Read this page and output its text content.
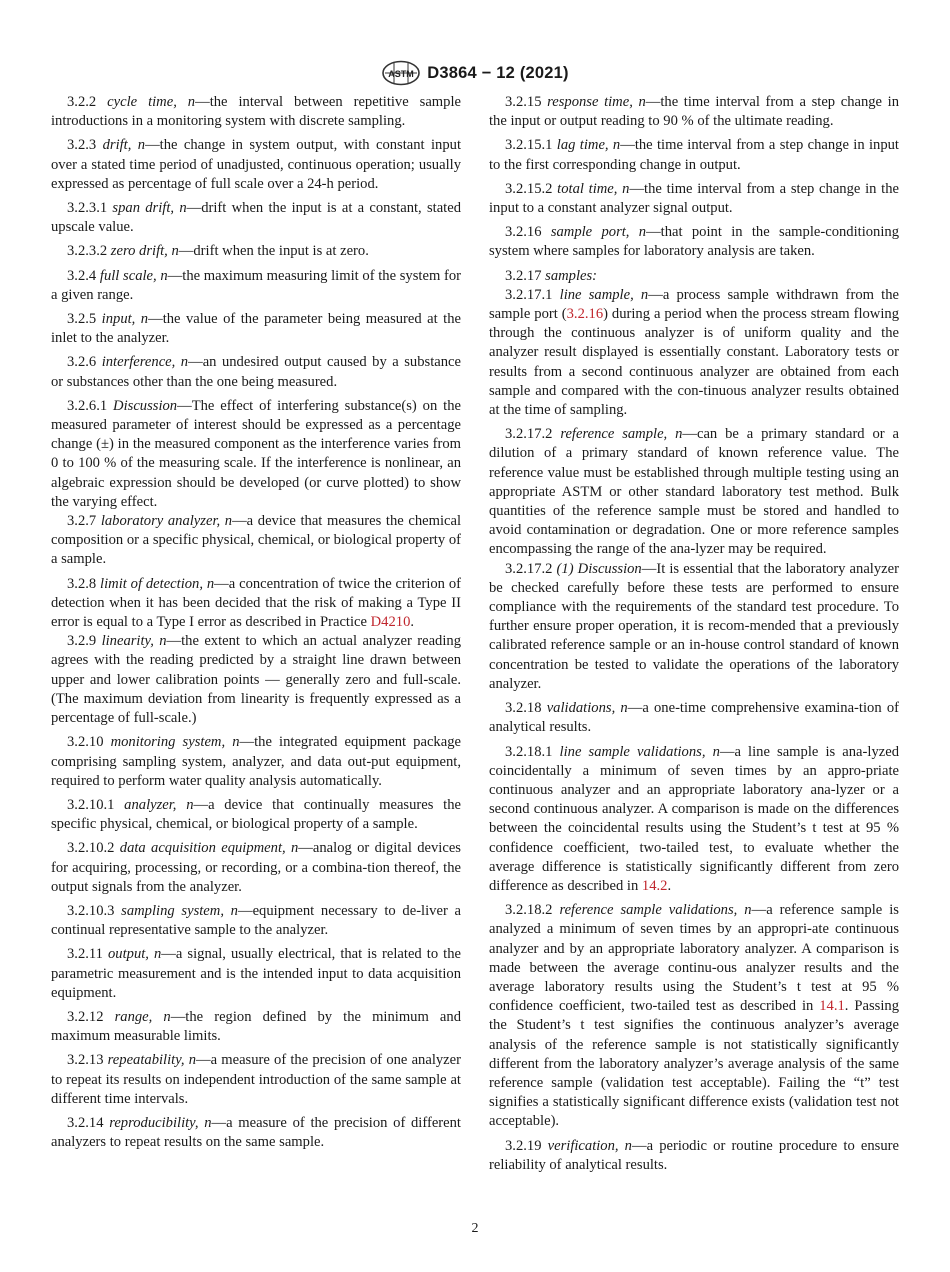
ASTM D3864 − 12 (2021)

3.2.2 cycle time, n—the interval between repetitive sample introductions in a monitoring system with discrete sampling.

3.2.3 drift, n—the change in system output, with constant input over a stated time period of unadjusted, continuous operation; usually expressed as percentage of full scale over a 24-h period.

3.2.3.1 span drift, n—drift when the input is at a constant, stated upscale value.

3.2.3.2 zero drift, n—drift when the input is at zero.

3.2.4 full scale, n—the maximum measuring limit of the system for a given range.

3.2.5 input, n—the value of the parameter being measured at the inlet to the analyzer.

3.2.6 interference, n—an undesired output caused by a substance or substances other than the one being measured.

3.2.6.1 Discussion—The effect of interfering substance(s) on the measured parameter of interest should be expressed as a percentage change (±) in the measured component as the interference varies from 0 to 100 % of the measuring scale. If the interference is nonlinear, an algebraic expression should be developed (or curve plotted) to show the varying effect.

3.2.7 laboratory analyzer, n—a device that measures the chemical composition or a specific physical, chemical, or biological property of a sample.

3.2.8 limit of detection, n—a concentration of twice the criterion of detection when it has been decided that the risk of making a Type II error is equal to a Type I error as described in Practice D4210.

3.2.9 linearity, n—the extent to which an actual analyzer reading agrees with the reading predicted by a straight line drawn between upper and lower calibration points — generally zero and full-scale. (The maximum deviation from linearity is frequently expressed as a percentage of full-scale.)

3.2.10 monitoring system, n—the integrated equipment package comprising sampling system, analyzer, and data out-put equipment, required to perform water quality analysis automatically.

3.2.10.1 analyzer, n—a device that continually measures the specific physical, chemical, or biological property of a sample.

3.2.10.2 data acquisition equipment, n—analog or digital devices for acquiring, processing, or recording, or a combina-tion thereof, the output signals from the analyzer.

3.2.10.3 sampling system, n—equipment necessary to de-liver a continual representative sample to the analyzer.

3.2.11 output, n—a signal, usually electrical, that is related to the parametric measurement and is the intended input to data acquisition equipment.

3.2.12 range, n—the region defined by the minimum and maximum measurable limits.

3.2.13 repeatability, n—a measure of the precision of one analyzer to repeat its results on independent introduction of the same sample at different time intervals.

3.2.14 reproducibility, n—a measure of the precision of different analyzers to repeat results on the same sample.

3.2.15 response time, n—the time interval from a step change in the input or output reading to 90 % of the ultimate reading.

3.2.15.1 lag time, n—the time interval from a step change in input to the first corresponding change in output.

3.2.15.2 total time, n—the time interval from a step change in the input to a constant analyzer signal output.

3.2.16 sample port, n—that point in the sample-conditioning system where samples for laboratory analysis are taken.

3.2.17 samples:

3.2.17.1 line sample, n—a process sample withdrawn from the sample port (3.2.16) during a period when the process stream flowing through the continuous analyzer is of uniform quality and the analyzer result displayed is essentially constant. Laboratory tests or results from a second continuous analyzer are obtained from each sample and compared with the con-tinuous analyzer results obtained at the time of sampling.

3.2.17.2 reference sample, n—can be a primary standard or a dilution of a primary standard of known reference value. The reference value must be established through multiple testing using an appropriate ASTM or other standard laboratory test method. Bulk quantities of the reference sample must be stored and handled to avoid contamination or degradation. One or more reference samples encompassing the range of the ana-lyzer may be required.

3.2.17.2 (1) Discussion—It is essential that the laboratory analyzer be checked carefully before these tests are performed to ensure compliance with the requirements of the standard test procedure. To further ensure proper operation, it is recom-mended that a previously calibrated reference sample or an in-house control standard of known concentration be tested to validate the operations of the laboratory analyzer.

3.2.18 validations, n—a one-time comprehensive examina-tion of analytical results.

3.2.18.1 line sample validations, n—a line sample is ana-lyzed coincidentally a minimum of seven times by an appro-priate continuous analyzer and an appropriate laboratory ana-lyzer or a second continuous analyzer. A comparison is made on the differences between the coincidental results using the Student’s t test at 95 % confidence coefficient, two-tailed test, to evaluate whether the average difference is statistically significantly different from zero difference as described in 14.2.

3.2.18.2 reference sample validations, n—a reference sample is analyzed a minimum of seven times by an appropri-ate continuous analyzer and by an appropriate laboratory analyzer. A comparison is made between the average continu-ous analyzer results and the average laboratory results using the Student’s t test at 95 % confidence coefficient, two-tailed test as described in 14.1. Passing the Student’s t test signifies the continuous analyzer’s average analysis of the reference sample is not statistically significantly different from the laboratory analyzer’s average analysis of the same reference sample (validation test acceptable). Failing the “t” test signifies a statistically significant difference exists (validation test not acceptable).

3.2.19 verification, n—a periodic or routine procedure to ensure reliability of analytical results.

2
